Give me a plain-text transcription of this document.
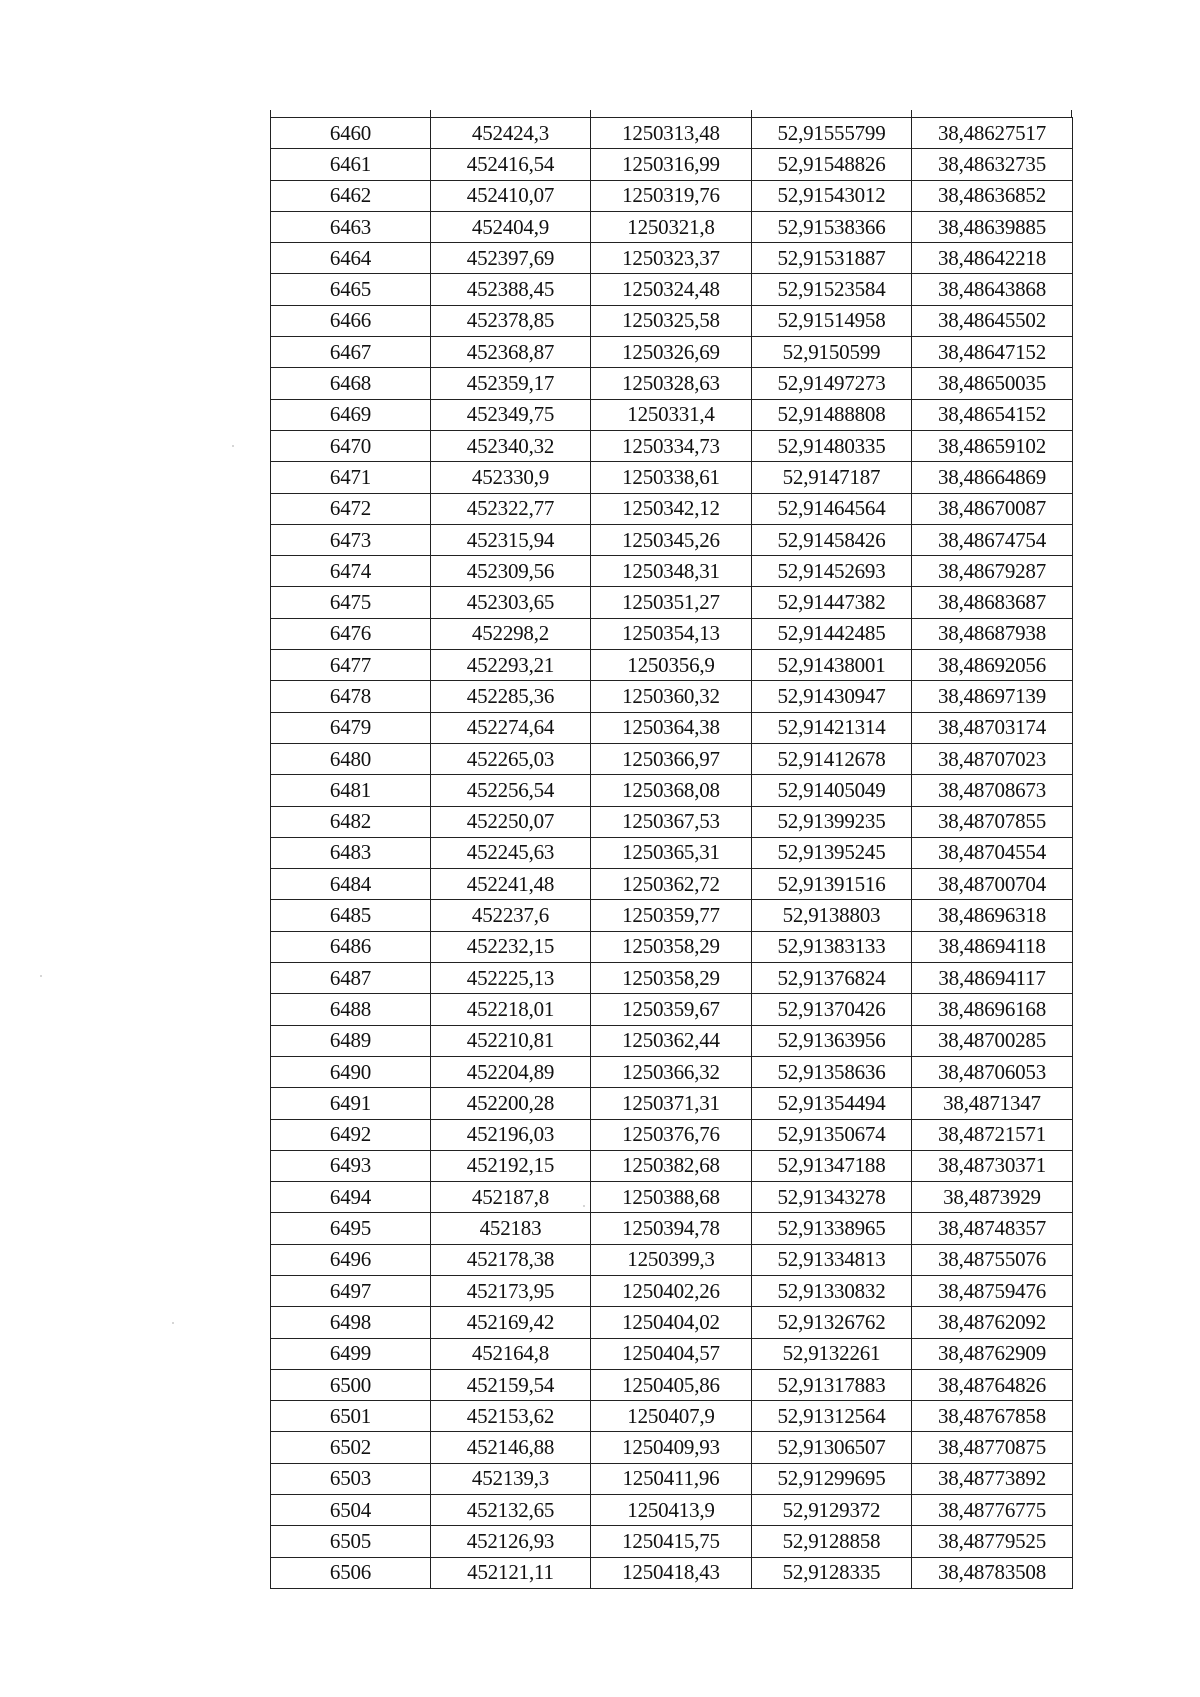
6460	452424,3	1250313,48	52,91555799	38,48627517
6461	452416,54	1250316,99	52,91548826	38,48632735
6462	452410,07	1250319,76	52,91543012	38,48636852
6463	452404,9	1250321,8	52,91538366	38,48639885
6464	452397,69	1250323,37	52,91531887	38,48642218
6465	452388,45	1250324,48	52,91523584	38,48643868
6466	452378,85	1250325,58	52,91514958	38,48645502
6467	452368,87	1250326,69	52,9150599	38,48647152
6468	452359,17	1250328,63	52,91497273	38,48650035
6469	452349,75	1250331,4	52,91488808	38,48654152
6470	452340,32	1250334,73	52,91480335	38,48659102
6471	452330,9	1250338,61	52,9147187	38,48664869
6472	452322,77	1250342,12	52,91464564	38,48670087
6473	452315,94	1250345,26	52,91458426	38,48674754
6474	452309,56	1250348,31	52,91452693	38,48679287
6475	452303,65	1250351,27	52,91447382	38,48683687
6476	452298,2	1250354,13	52,91442485	38,48687938
6477	452293,21	1250356,9	52,91438001	38,48692056
6478	452285,36	1250360,32	52,91430947	38,48697139
6479	452274,64	1250364,38	52,91421314	38,48703174
6480	452265,03	1250366,97	52,91412678	38,48707023
6481	452256,54	1250368,08	52,91405049	38,48708673
6482	452250,07	1250367,53	52,91399235	38,48707855
6483	452245,63	1250365,31	52,91395245	38,48704554
6484	452241,48	1250362,72	52,91391516	38,48700704
6485	452237,6	1250359,77	52,9138803	38,48696318
6486	452232,15	1250358,29	52,91383133	38,48694118
6487	452225,13	1250358,29	52,91376824	38,48694117
6488	452218,01	1250359,67	52,91370426	38,48696168
6489	452210,81	1250362,44	52,91363956	38,48700285
6490	452204,89	1250366,32	52,91358636	38,48706053
6491	452200,28	1250371,31	52,91354494	38,4871347
6492	452196,03	1250376,76	52,91350674	38,48721571
6493	452192,15	1250382,68	52,91347188	38,48730371
6494	452187,8	1250388,68	52,91343278	38,4873929
6495	452183	1250394,78	52,91338965	38,48748357
6496	452178,38	1250399,3	52,91334813	38,48755076
6497	452173,95	1250402,26	52,91330832	38,48759476
6498	452169,42	1250404,02	52,91326762	38,48762092
6499	452164,8	1250404,57	52,9132261	38,48762909
6500	452159,54	1250405,86	52,91317883	38,48764826
6501	452153,62	1250407,9	52,91312564	38,48767858
6502	452146,88	1250409,93	52,91306507	38,48770875
6503	452139,3	1250411,96	52,91299695	38,48773892
6504	452132,65	1250413,9	52,9129372	38,48776775
6505	452126,93	1250415,75	52,9128858	38,48779525
6506	452121,11	1250418,43	52,9128335	38,48783508
